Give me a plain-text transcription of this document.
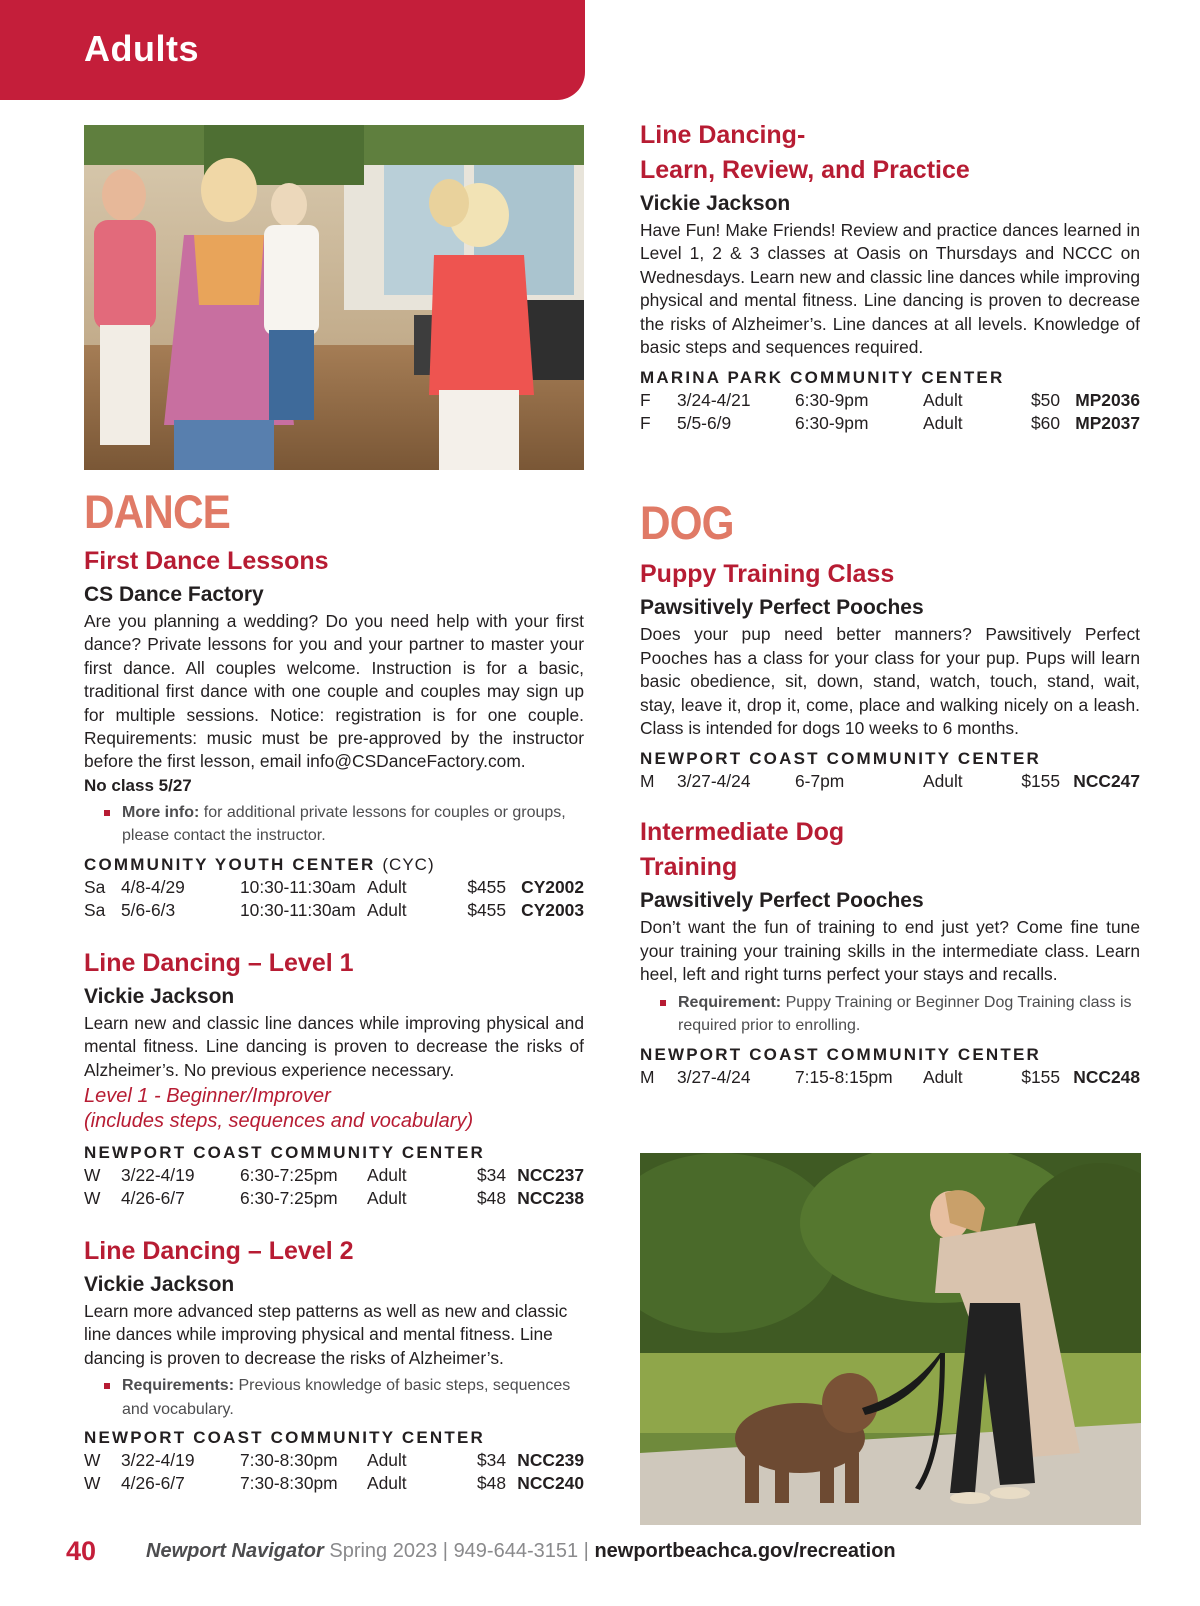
Adults
DANCE
First Dance Lessons

CS Dance Factory

Are you planning a wedding? Do you need help with your first dance? Private lessons for you and your partner to master your first dance. All couples welcome. Instruction is for a basic, traditional first dance with one couple and couples may sign up for multiple sessions. Notice: registration is for one couple. Requirements: music must be pre-approved by the instructor before the first lesson, email info@CSDanceFactory.com.

No class 5/27

More info: for additional private lessons for couples or groups, please contact the instructor.

COMMUNITY YOUTH CENTER (CYC)

Sa 4/8-4/29	10:30-11:30am Adult	$455 CY2002
Sa 5/6-6/3	10:30-11:30am Adult	$455 CY2003
Line Dancing – Level 1

Vickie Jackson

Learn new and classic line dances while improving physical and mental fitness. Line dancing is proven to decrease the risks of Alzheimer’s. No previous experience necessary.

Level 1 - Beginner/Improver

(includes steps, sequences and vocabulary)

NEWPORT COAST COMMUNITY CENTER

W 3/22-4/19	6:30-7:25pm Adult	$34 NCC237
W 4/26-6/7	6:30-7:25pm Adult	$48 NCC238
Line Dancing – Level 2

Vickie Jackson

Learn more advanced step patterns as well as new and classic line dances while improving physical and mental fitness. Line dancing is proven to decrease the risks of Alzheimer’s.

Requirements: Previous knowledge of basic steps, sequences and vocabulary.

NEWPORT COAST COMMUNITY CENTER

W 3/22-4/19	7:30-8:30pm Adult	$34 NCC239
W 4/26-6/7	7:30-8:30pm Adult	$48 NCC240
Line Dancing-
Learn, Review, and Practice

Vickie Jackson

Have Fun! Make Friends! Review and practice dances learned in Level 1, 2 & 3 classes at Oasis on Thursdays and NCCC on Wednesdays. Learn new and classic line dances while improving physical and mental fitness. Line dancing is proven to decrease the risks of Alzheimer’s. Line dances at all levels. Knowledge of basic steps and sequences required.

MARINA PARK COMMUNITY CENTER

F 3/24-4/21	6:30-9pm	Adult	$50 MP2036
F 5/5-6/9	6:30-9pm	Adult	$60 MP2037
DOG
Puppy Training Class

Pawsitively Perfect Pooches

Does your pup need better manners? Pawsitively Perfect Pooches has a class for your class for your pup. Pups will learn basic obedience, sit, down, stand, watch, touch, stand, wait, stay, leave it, drop it, come, place and walking nicely on a leash. Class is intended for dogs 10 weeks to 6 months.

NEWPORT COAST COMMUNITY CENTER

M 3/27-4/24	6-7pm	Adult	$155 NCC247
Intermediate Dog
Training

Pawsitively Perfect Pooches

Don’t want the fun of training to end just yet? Come fine tune your training your training skills in the intermediate class. Learn heel, left and right turns perfect your stays and recalls.

Requirement: Puppy Training or Beginner Dog Training class is required prior to enrolling.

NEWPORT COAST COMMUNITY CENTER

M 3/27-4/24	7:15-8:15pm Adult	$155 NCC248
40 Newport Navigator Spring 2023 | 949-644-3151 | newportbeachca.gov/recreation
